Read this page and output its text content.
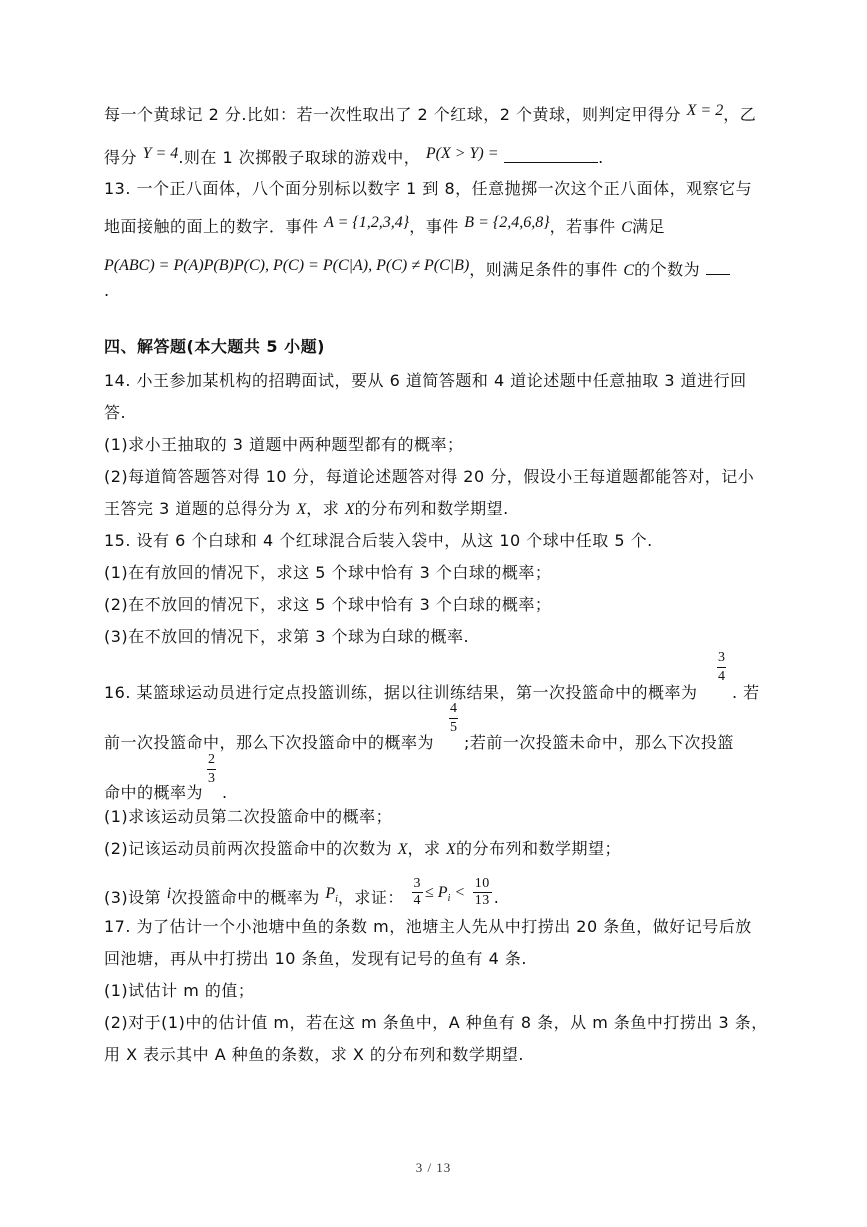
每一个黄球记 2 分.比如：若一次性取出了 2 个红球，2 个黄球，则判定甲得分 X = 2，乙
得分 Y = 4.则在 1 次掷骰子取球的游戏中， P(X > Y) =	.
13. 一个正八面体，八个面分别标以数字 1 到 8，任意抛掷一次这个正八面体，观察它与
地面接触的面上的数字．事件 A = {1,2,3,4}，事件 B = {2,4,6,8}，若事件 C满足
P(ABC) = P(A)P(B)P(C), P(C) = P(C|A), P(C) ≠ P(C|B)，则满足条件的事件 C的个数为
.
四、解答题(本大题共 5 小题)
14. 小王参加某机构的招聘面试，要从 6 道简答题和 4 道论述题中任意抽取 3 道进行回
答.
(1)求小王抽取的 3 道题中两种题型都有的概率；
(2)每道简答题答对得 10 分，每道论述题答对得 20 分，假设小王每道题都能答对，记小
王答完 3 道题的总得分为 X，求 X的分布列和数学期望.
15. 设有 6 个白球和 4 个红球混合后装入袋中，从这 10 个球中任取 5 个.
(1)在有放回的情况下，求这 5 个球中恰有 3 个白球的概率；
(2)在不放回的情况下，求这 5 个球中恰有 3 个白球的概率；
(3)在不放回的情况下，求第 3 个球为白球的概率.
16. 某篮球运动员进行定点投篮训练，据以往训练结果，第一次投篮命中的概率为
$\frac{3}{4}$
. 若
前一次投篮命中，那么下次投篮命中的概率为
$\frac{4}{5}$
;若前一次投篮未命中，那么下次投篮
命中的概率为
$\frac{2}{3}$
.
(1)求该运动员第二次投篮命中的概率；
(2)记该运动员前两次投篮命中的次数为 X，求 X的分布列和数学期望；
(3)设第 i次投篮命中的概率为 $P_i$，求证： $\frac{3}{4} \le P_i < \frac{10}{13}$ .
17. 为了估计一个小池塘中鱼的条数 m，池塘主人先从中打捞出 20 条鱼，做好记号后放
回池塘，再从中打捞出 10 条鱼，发现有记号的鱼有 4 条.
(1)试估计 m 的值；
(2)对于(1)中的估计值 m，若在这 m 条鱼中，A 种鱼有 8 条，从 m 条鱼中打捞出 3 条，
用 X 表示其中 A 种鱼的条数，求 X 的分布列和数学期望.
3 / 13
